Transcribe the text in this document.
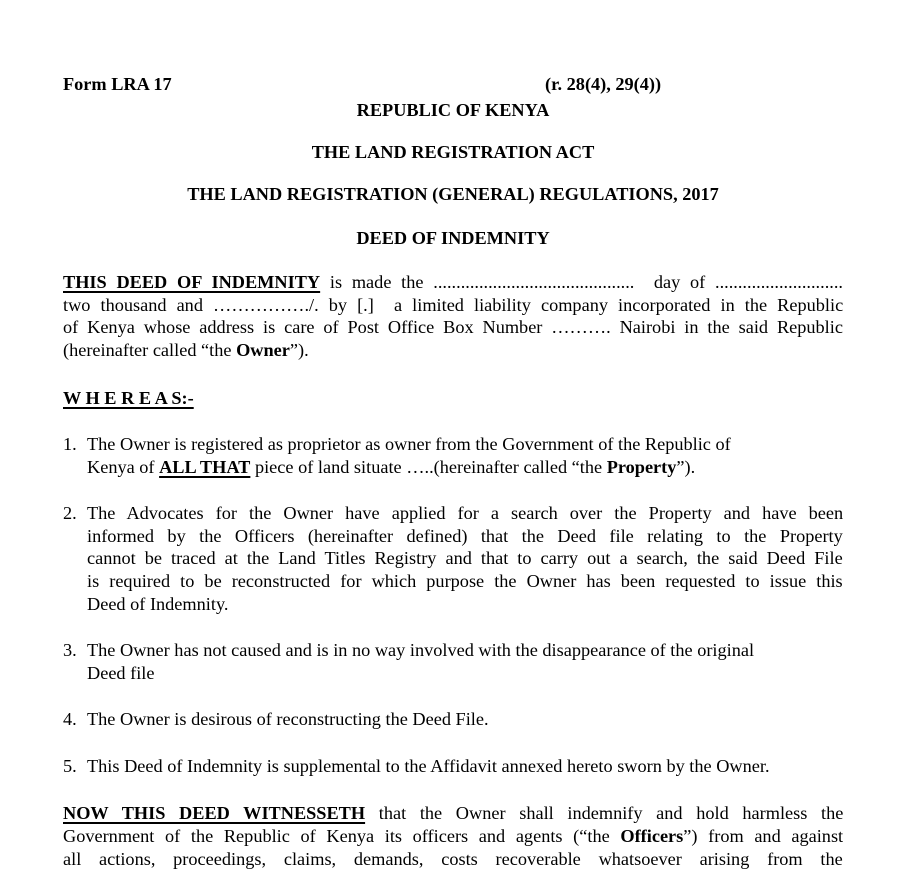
Form LRA 17	(r. 28(4), 29(4))
REPUBLIC OF KENYA
THE LAND REGISTRATION ACT
THE LAND REGISTRATION (GENERAL) REGULATIONS, 2017
DEED OF INDEMNITY
THIS DEED OF INDEMNITY is made the ............................................  day of ............................
two thousand and ……………./. by [.]  a limited liability company incorporated in the Republic
of Kenya whose address is care of Post Office Box Number ………. Nairobi in the said Republic
(hereinafter called “the Owner”).
W H E R E A S:-
1. The Owner is registered as proprietor as owner from the Government of the Republic of
Kenya of ALL THAT piece of land situate …..(hereinafter called “the Property”).
2. The Advocates for the Owner have applied for a search over the Property and have been
informed by the Officers (hereinafter defined) that the Deed file relating to the Property
cannot be traced at the Land Titles Registry and that to carry out a search, the said Deed File
is required to be reconstructed for which purpose the Owner has been requested to issue this
Deed of Indemnity.
3. The Owner has not caused and is in no way involved with the disappearance of the original
Deed file
4. The Owner is desirous of reconstructing the Deed File.
5. This Deed of Indemnity is supplemental to the Affidavit annexed hereto sworn by the Owner.
NOW THIS DEED WITNESSETH that the Owner shall indemnify and hold harmless the
Government of the Republic of Kenya its officers and agents (“the Officers”) from and against
all actions, proceedings, claims, demands, costs recoverable whatsoever arising from the
